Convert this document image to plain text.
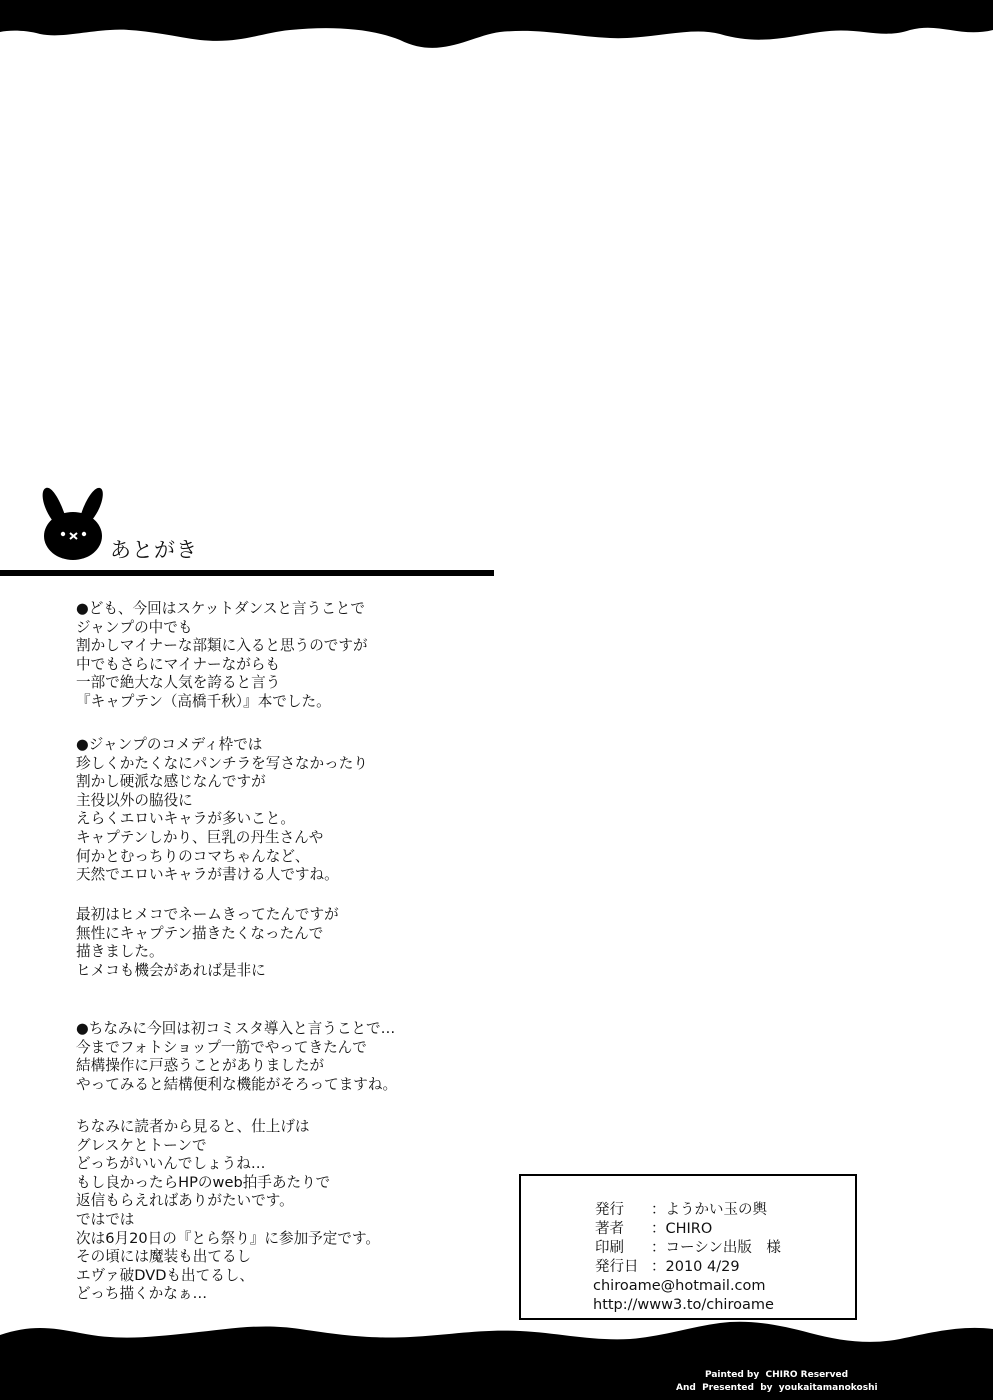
あとがき
●ども、今回はスケットダンスと言うことで
ジャンプの中でも
割かしマイナーな部類に入ると思うのですが
中でもさらにマイナーながらも
一部で絶大な人気を誇ると言う
『キャプテン（高橋千秋）』本でした。
●ジャンプのコメディ枠では
珍しくかたくなにパンチラを写さなかったり
割かし硬派な感じなんですが
主役以外の脇役に
えらくエロいキャラが多いこと。
キャプテンしかり、巨乳の丹生さんや
何かとむっちりのコマちゃんなど、
天然でエロいキャラが書ける人ですね。
最初はヒメコでネームきってたんですが
無性にキャプテン描きたくなったんで
描きました。
ヒメコも機会があれば是非に
●ちなみに今回は初コミスタ導入と言うことで…
今までフォトショップ一筋でやってきたんで
結構操作に戸惑うことがありましたが
やってみると結構便利な機能がそろってますね。
ちなみに読者から見ると、仕上げは
グレスケとトーンで
どっちがいいんでしょうね…
もし良かったらHPのweb拍手あたりで
返信もらえればありがたいです。
ではでは
次は6月20日の『とら祭り』に参加予定です。
その頃には魔装も出てるし
エヴァ破DVDも出てるし、
どっち描くかなぁ…
発行 ：ようかい玉の輿
著者 ：CHIRO
印刷 ：コーシン出版　様
発行日 ：2010 4/29
chiroame@hotmail.com
http://www3.to/chiroame
Painted by  CHIRO Reserved
And  Presented  by  youkaitamanokoshi
